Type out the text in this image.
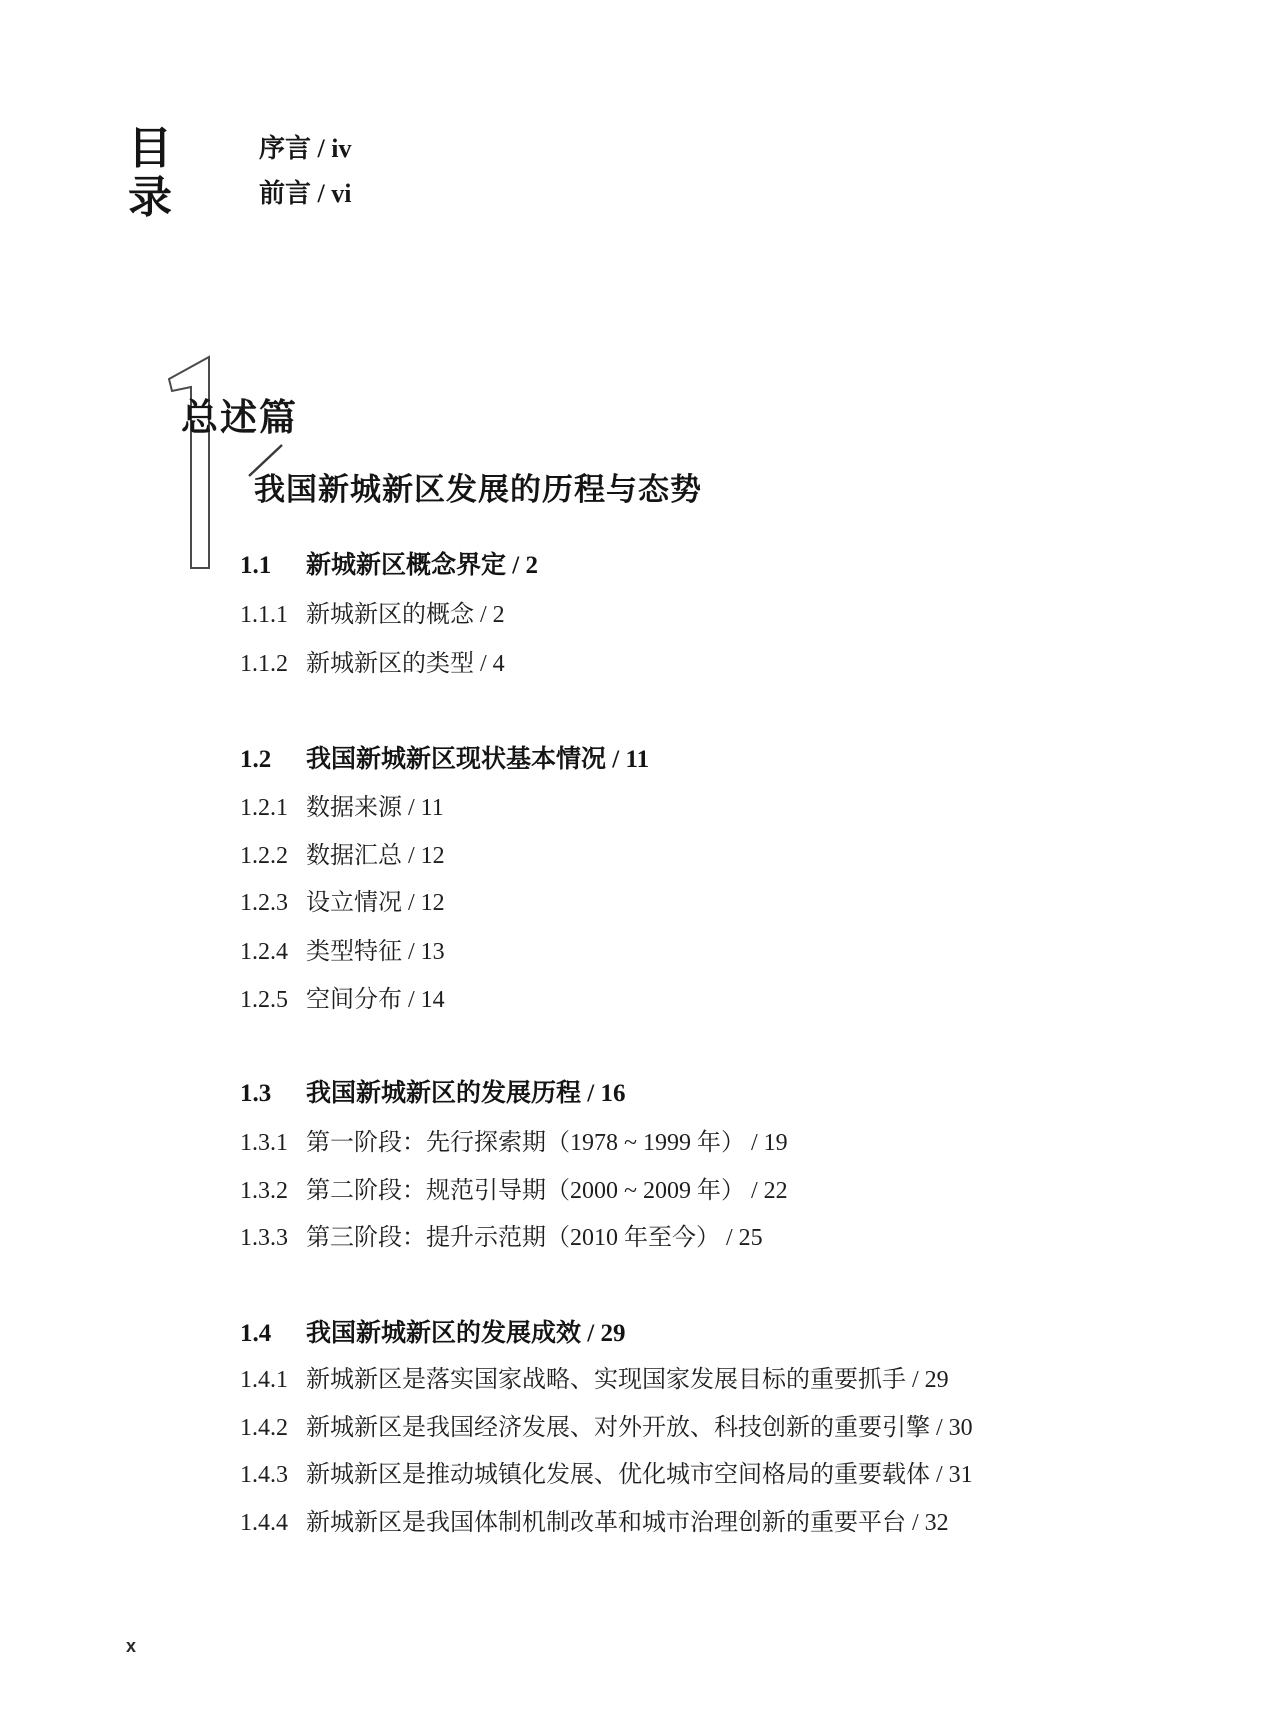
目录
序言 / iv
前言 / vi
总述篇
我国新城新区发展的历程与态势
1.1 新城新区概念界定 / 2
1.1.1 新城新区的概念 / 2
1.1.2 新城新区的类型 / 4
1.2 我国新城新区现状基本情况 / 11
1.2.1 数据来源 / 11
1.2.2 数据汇总 / 12
1.2.3 设立情况 / 12
1.2.4 类型特征 / 13
1.2.5 空间分布 / 14
1.3 我国新城新区的发展历程 / 16
1.3.1 第一阶段：先行探索期（1978 ~ 1999 年） / 19
1.3.2 第二阶段：规范引导期（2000 ~ 2009 年） / 22
1.3.3 第三阶段：提升示范期（2010 年至今） / 25
1.4 我国新城新区的发展成效 / 29
1.4.1 新城新区是落实国家战略、实现国家发展目标的重要抓手 / 29
1.4.2 新城新区是我国经济发展、对外开放、科技创新的重要引擎 / 30
1.4.3 新城新区是推动城镇化发展、优化城市空间格局的重要载体 / 31
1.4.4 新城新区是我国体制机制改革和城市治理创新的重要平台 / 32
x
